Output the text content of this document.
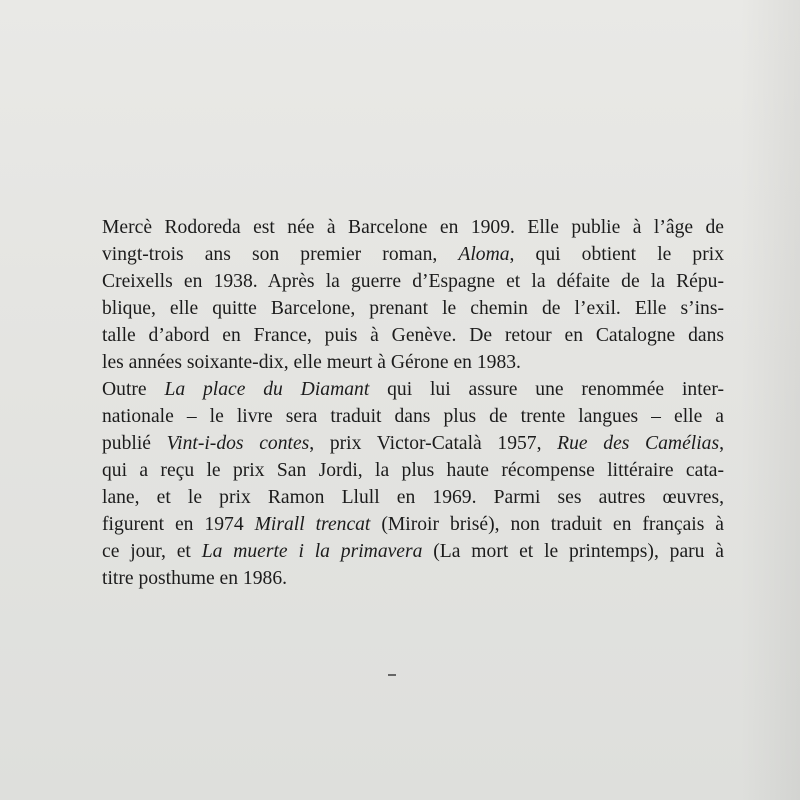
Mercè Rodoreda est née à Barcelone en 1909. Elle publie à l’âge de
vingt-trois ans son premier roman, Aloma, qui obtient le prix
Creixells en 1938. Après la guerre d’Espagne et la défaite de la Répu-
blique, elle quitte Barcelone, prenant le chemin de l’exil. Elle s’ins-
talle d’abord en France, puis à Genève. De retour en Catalogne dans
les années soixante-dix, elle meurt à Gérone en 1983.
Outre La place du Diamant qui lui assure une renommée inter-
nationale – le livre sera traduit dans plus de trente langues – elle a
publié Vint-i-dos contes, prix Victor-Català 1957, Rue des Camélias,
qui a reçu le prix San Jordi, la plus haute récompense littéraire cata-
lane, et le prix Ramon Llull en 1969. Parmi ses autres œuvres,
figurent en 1974 Mirall trencat (Miroir brisé), non traduit en français à
ce jour, et La muerte i la primavera (La mort et le printemps), paru à
titre posthume en 1986.
